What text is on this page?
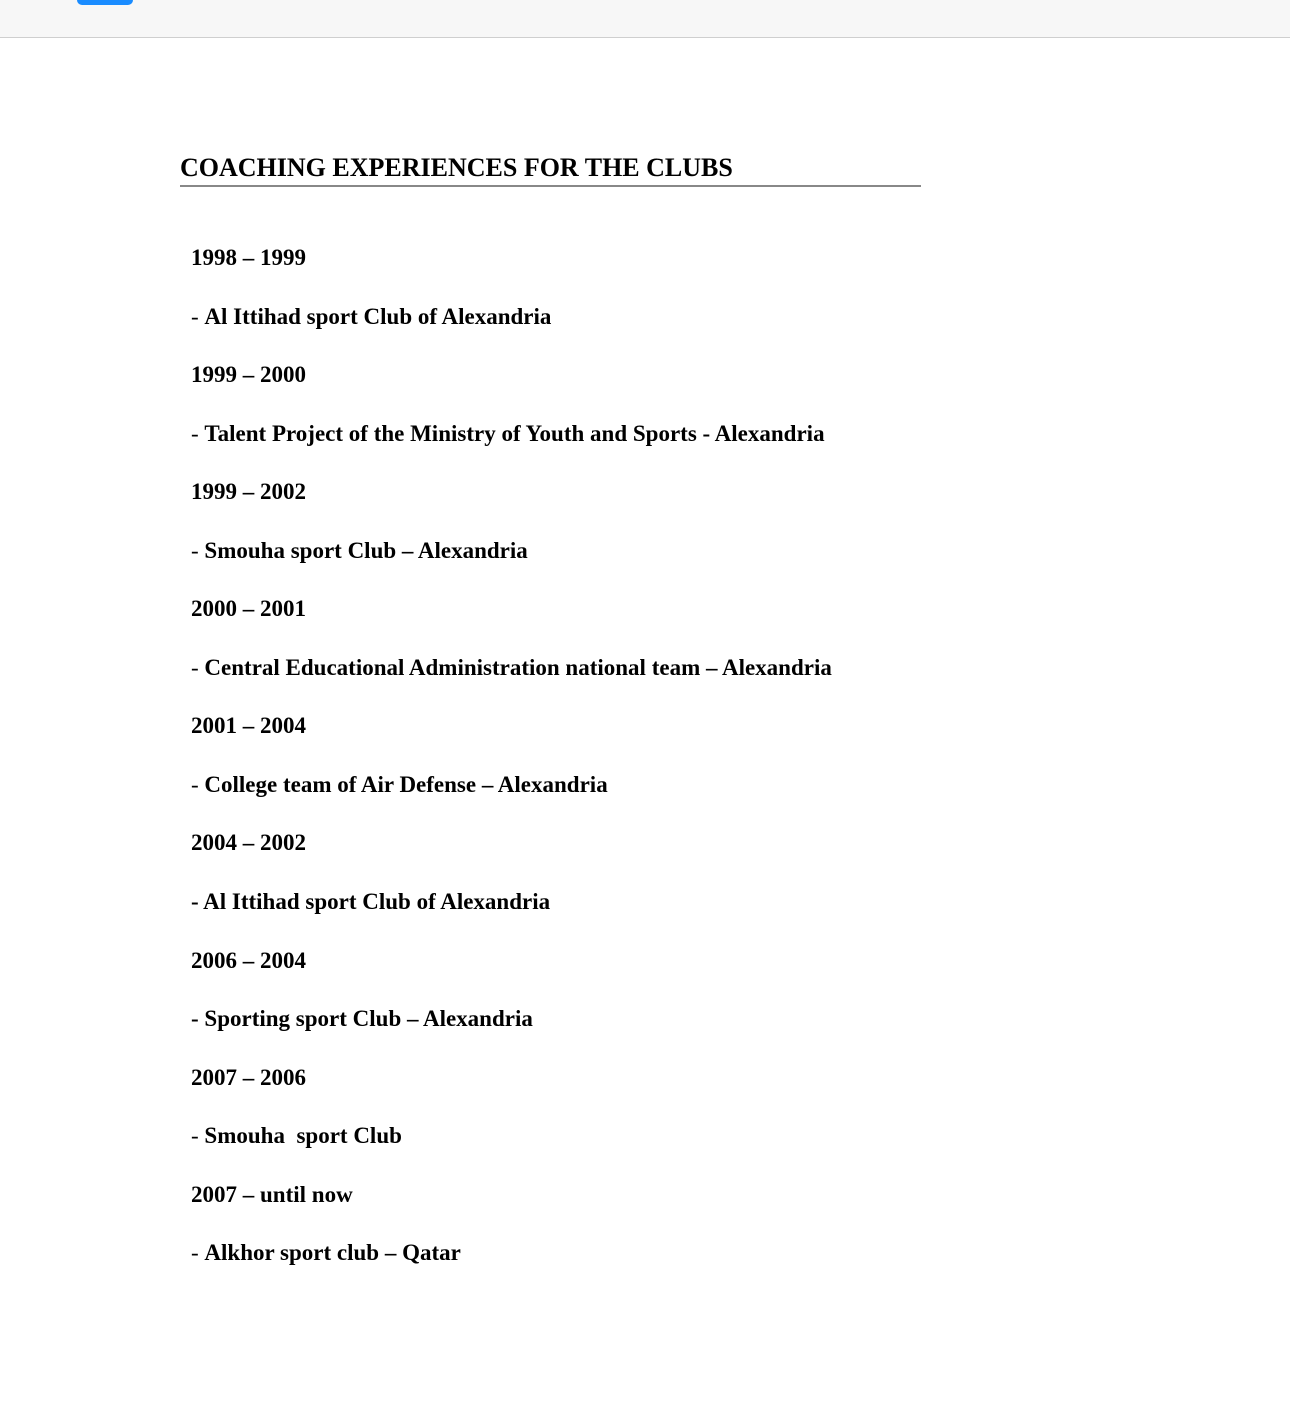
COACHING EXPERIENCES FOR THE CLUBS
1998 – 1999
- Al Ittihad sport Club of Alexandria
1999 – 2000
- Talent Project of the Ministry of Youth and Sports - Alexandria
1999 – 2002
- Smouha sport Club – Alexandria
2000 – 2001
- Central Educational Administration national team – Alexandria
2001 – 2004
- College team of Air Defense – Alexandria
2004 – 2002
- Al Ittihad sport Club of Alexandria
2006 – 2004
- Sporting sport Club – Alexandria
2007 – 2006
- Smouha  sport Club
2007 – until now
- Alkhor sport club – Qatar
